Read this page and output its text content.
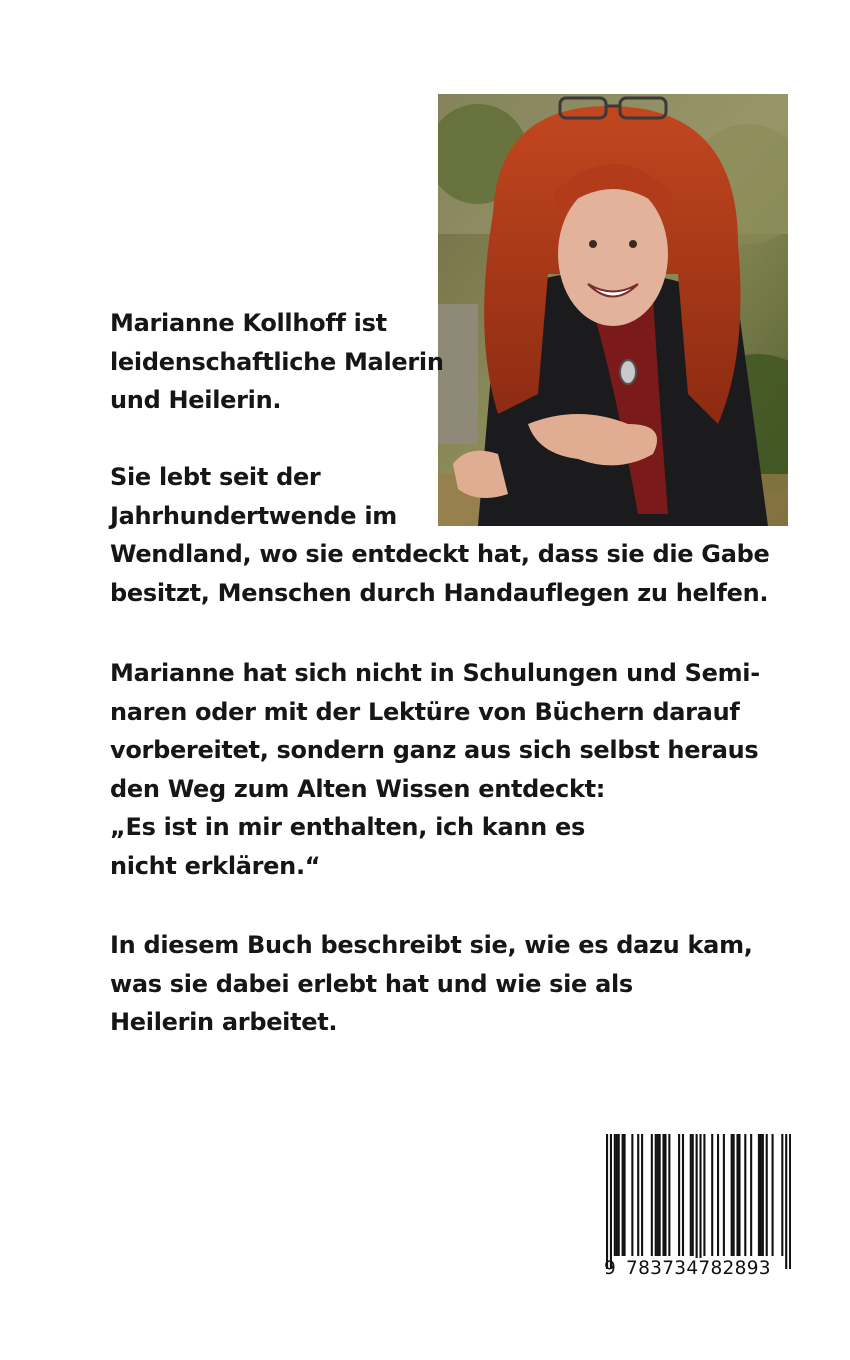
Marianne Kollhoff ist
leidenschaftliche Malerin
und Heilerin.
Sie lebt seit der
Jahrhundertwende im
Wendland, wo sie entdeckt hat, dass sie die Gabe
besitzt, Menschen durch Handauflegen zu helfen.
Marianne hat sich nicht in Schulungen und Semi-
naren oder mit der Lektüre von Büchern darauf
vorbereitet, sondern ganz aus sich selbst heraus
den Weg zum Alten Wissen entdeckt:
„Es ist in mir enthalten, ich kann es
nicht erklären.“
In diesem Buch beschreibt sie, wie es dazu kam,
was sie dabei erlebt hat und wie sie als
Heilerin arbeitet.
9 783734782893
